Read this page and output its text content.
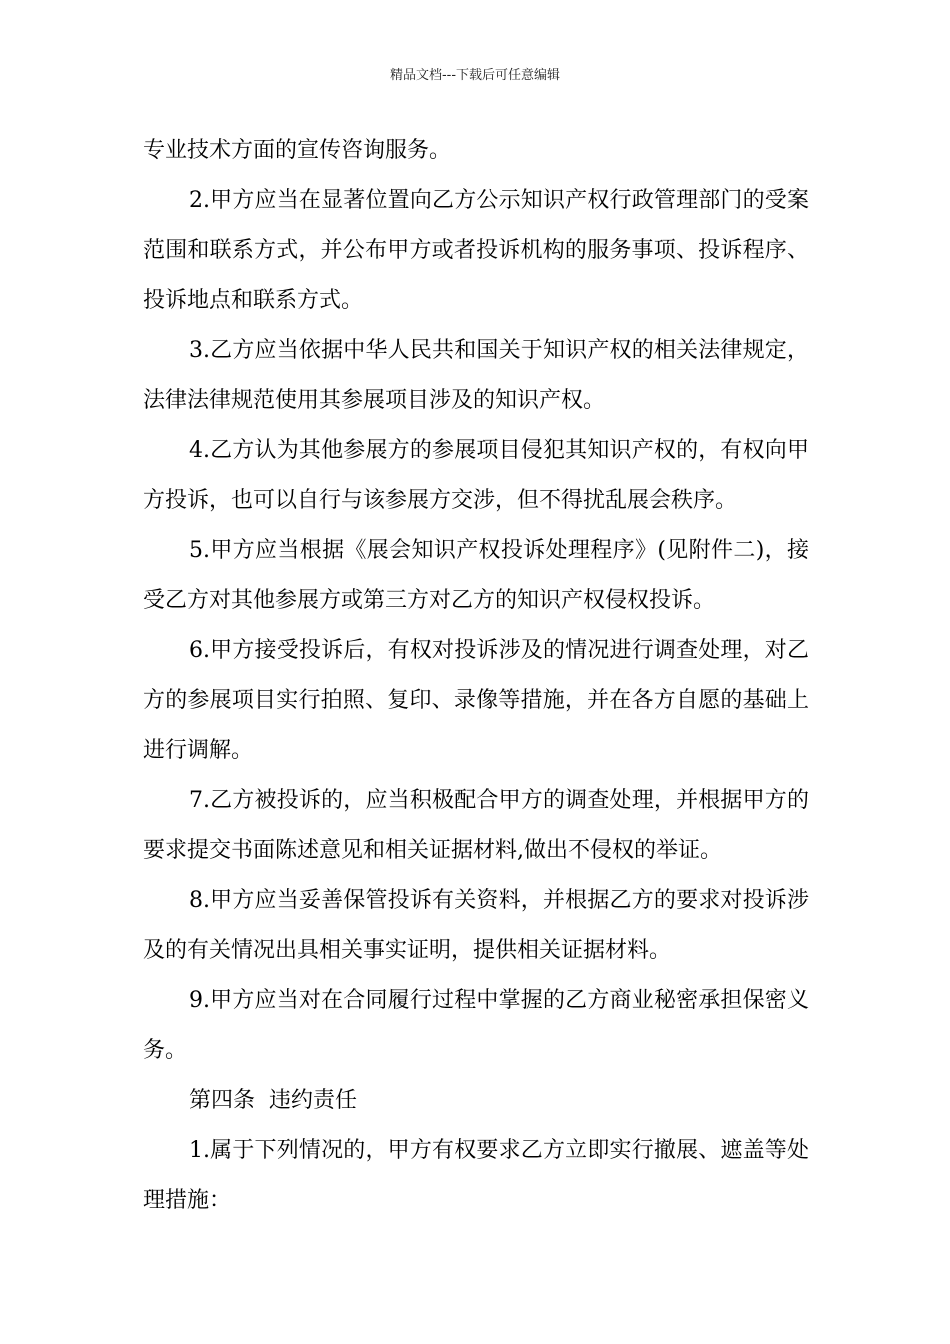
精品文档---下载后可任意编辑

专业技术方面的宣传咨询服务。

2.甲方应当在显著位置向乙方公示知识产权行政管理部门的受案范围和联系方式，并公布甲方或者投诉机构的服务事项、投诉程序、投诉地点和联系方式。

3.乙方应当依据中华人民共和国关于知识产权的相关法律规定，法律法律规范使用其参展项目涉及的知识产权。

4.乙方认为其他参展方的参展项目侵犯其知识产权的，有权向甲方投诉，也可以自行与该参展方交涉，但不得扰乱展会秩序。

5.甲方应当根据《展会知识产权投诉处理程序》(见附件二)，接受乙方对其他参展方或第三方对乙方的知识产权侵权投诉。

6.甲方接受投诉后，有权对投诉涉及的情况进行调查处理，对乙方的参展项目实行拍照、复印、录像等措施，并在各方自愿的基础上进行调解。

7.乙方被投诉的，应当积极配合甲方的调查处理，并根据甲方的要求提交书面陈述意见和相关证据材料,做出不侵权的举证。

8.甲方应当妥善保管投诉有关资料，并根据乙方的要求对投诉涉及的有关情况出具相关事实证明，提供相关证据材料。

9.甲方应当对在合同履行过程中掌握的乙方商业秘密承担保密义务。

第四条  违约责任

1.属于下列情况的，甲方有权要求乙方立即实行撤展、遮盖等处理措施：
